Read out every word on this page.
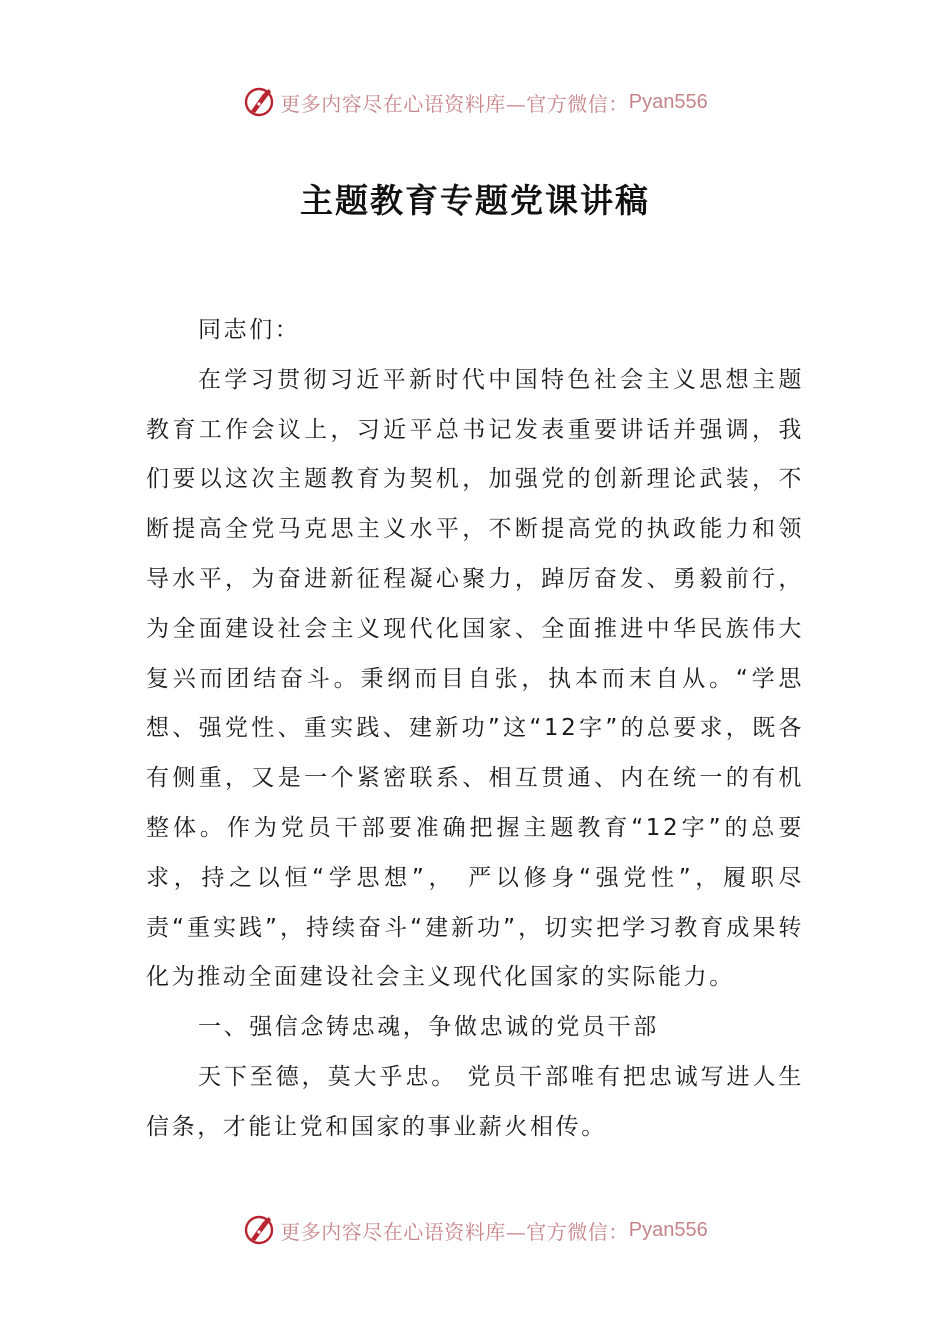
更多内容尽在心语资料库—官方微信： Pyan556
主题教育专题党课讲稿

同志们：

在学习贯彻习近平新时代中国特色社会主义思想主题教育工作会议上，习近平总书记发表重要讲话并强调，我们要以这次主题教育为契机，加强党的创新理论武装，不断提高全党马克思主义水平，不断提高党的执政能力和领导水平，为奋进新征程凝心聚力，踔厉奋发、勇毅前行，为全面建设社会主义现代化国家、全面推进中华民族伟大复兴而团结奋斗。秉纲而目自张，执本而末自从。“学思想、强党性、重实践、建新功”这“12字”的总要求，既各有侧重，又是一个紧密联系、相互贯通、内在统一的有机整体。作为党员干部要准确把握主题教育“12字”的总要求，持之以恒“学思想”， 严以修身“强党性”，履职尽责“重实践”，持续奋斗“建新功”，切实把学习教育成果转化为推动全面建设社会主义现代化国家的实际能力。

一、强信念铸忠魂，争做忠诚的党员干部

天下至德，莫大乎忠。 党员干部唯有把忠诚写进人生信条，才能让党和国家的事业薪火相传。

更多内容尽在心语资料库—官方微信： Pyan556
